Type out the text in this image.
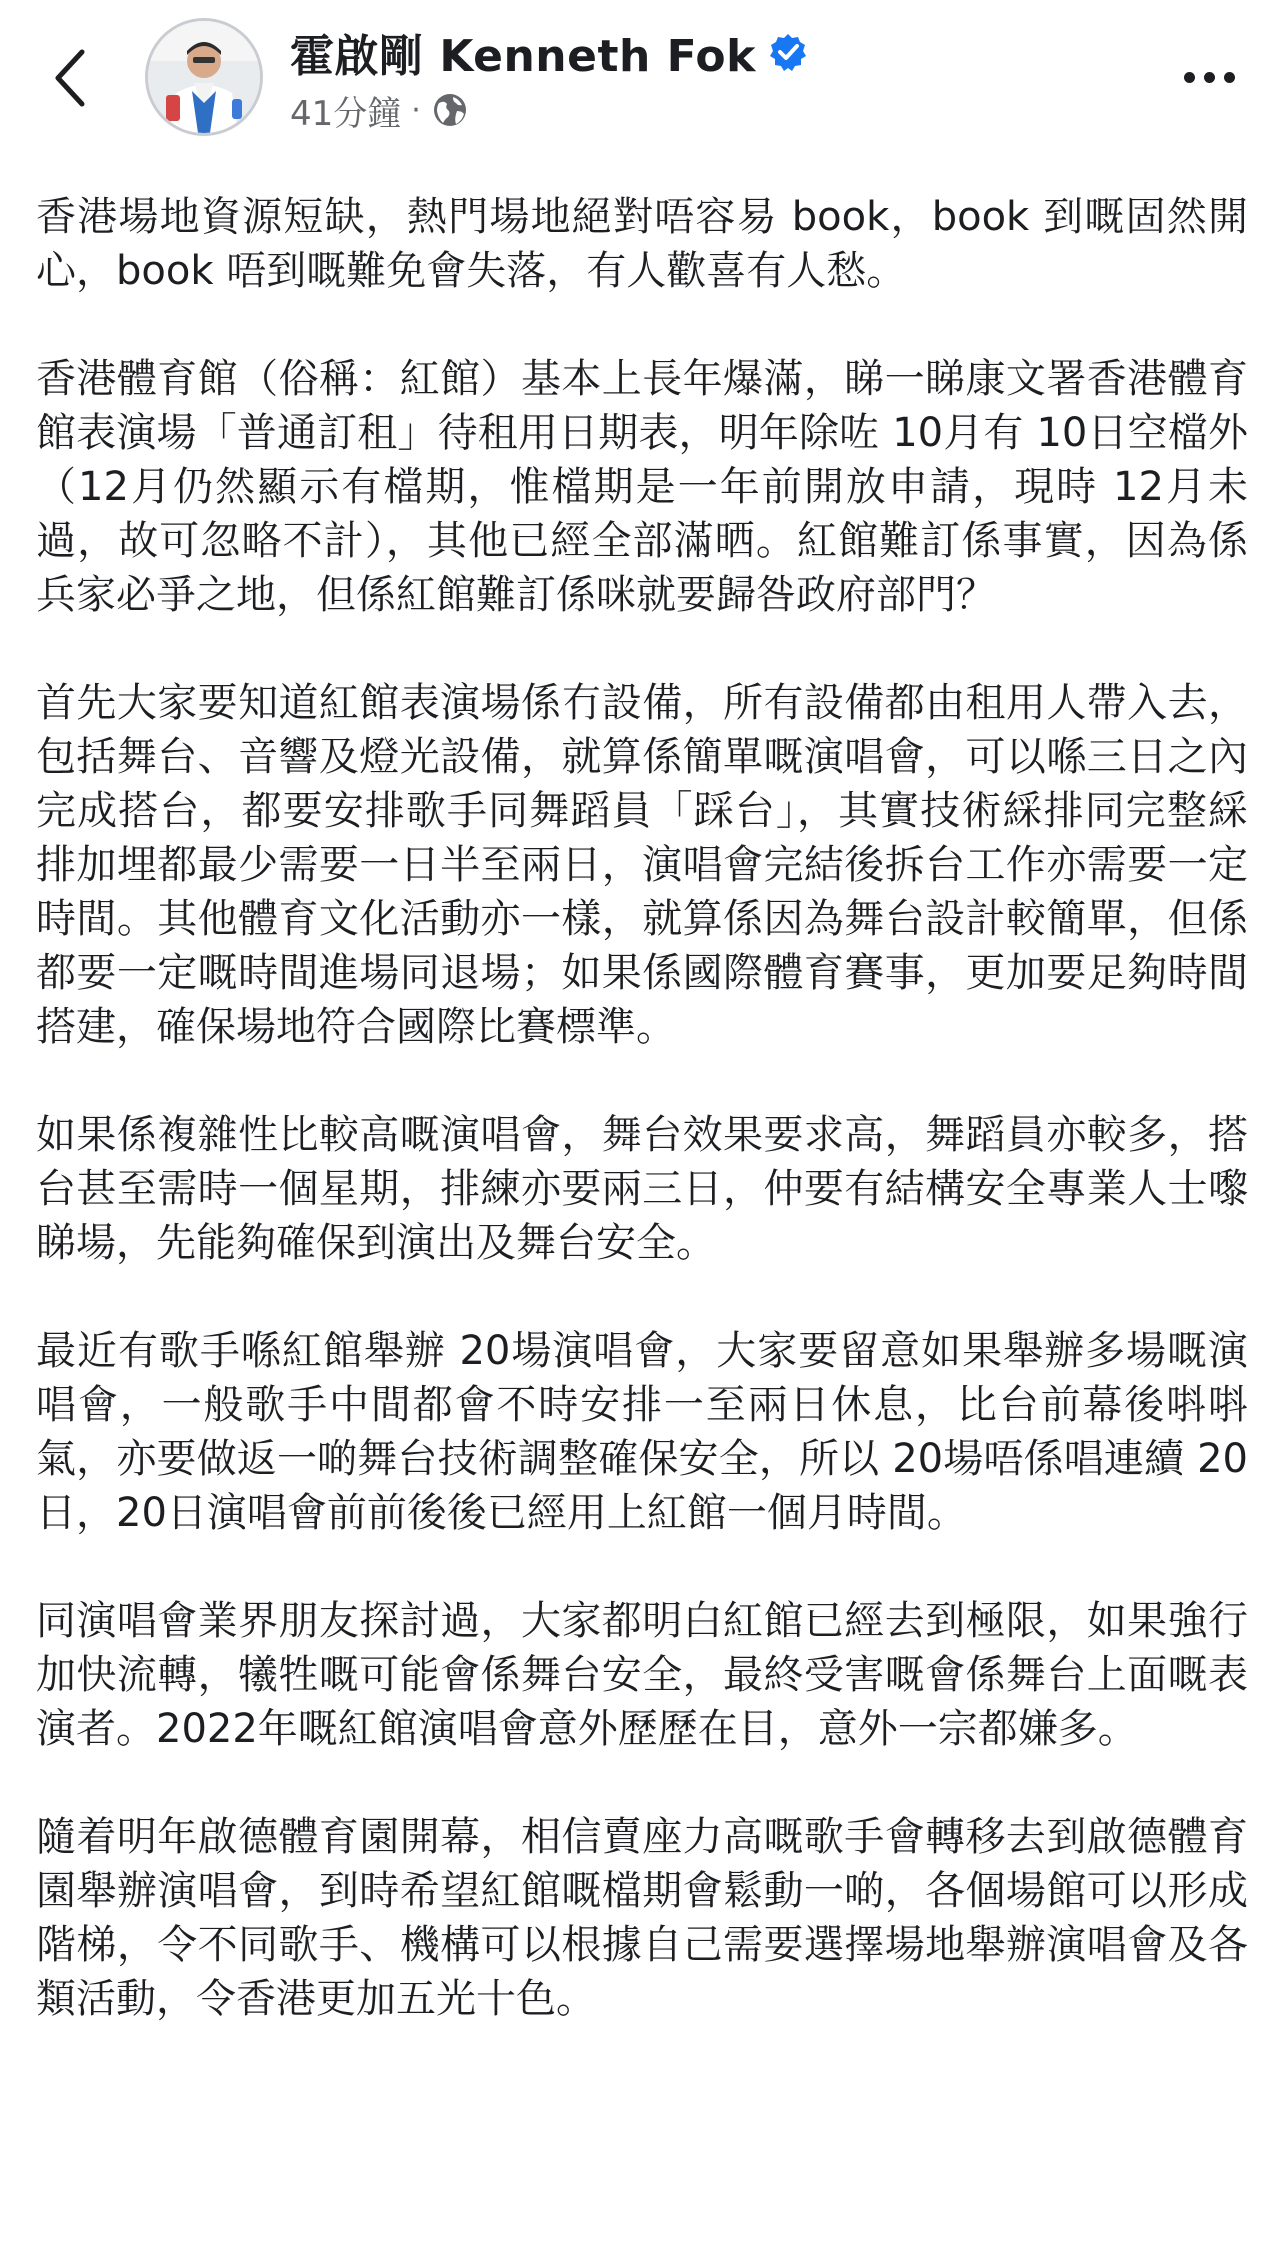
霍啟剛 Kenneth Fok
41分鐘 ·

香港場地資源短缺，熱門場地絕對唔容易 book，book 到嘅固然開心，book 唔到嘅難免會失落，有人歡喜有人愁。

香港體育館（俗稱：紅館）基本上長年爆滿，睇一睇康文署香港體育館表演場「普通訂租」待租用日期表，明年除咗 10月有 10日空檔外（12月仍然顯示有檔期，惟檔期是一年前開放申請，現時 12月未過，故可忽略不計），其他已經全部滿晒。紅館難訂係事實，因為係兵家必爭之地，但係紅館難訂係咪就要歸咎政府部門？

首先大家要知道紅館表演場係冇設備，所有設備都由租用人帶入去，包括舞台、音響及燈光設備，就算係簡單嘅演唱會，可以喺三日之內完成搭台，都要安排歌手同舞蹈員「踩台」，其實技術綵排同完整綵排加埋都最少需要一日半至兩日，演唱會完結後拆台工作亦需要一定時間。其他體育文化活動亦一樣，就算係因為舞台設計較簡單，但係都要一定嘅時間進場同退場；如果係國際體育賽事，更加要足夠時間搭建，確保場地符合國際比賽標準。

如果係複雜性比較高嘅演唱會，舞台效果要求高，舞蹈員亦較多，搭台甚至需時一個星期，排練亦要兩三日，仲要有結構安全專業人士嚟睇場，先能夠確保到演出及舞台安全。

最近有歌手喺紅館舉辦 20場演唱會，大家要留意如果舉辦多場嘅演唱會，一般歌手中間都會不時安排一至兩日休息，比台前幕後唞唞氣，亦要做返一啲舞台技術調整確保安全，所以 20場唔係唱連續 20日，20日演唱會前前後後已經用上紅館一個月時間。

同演唱會業界朋友探討過，大家都明白紅館已經去到極限，如果強行加快流轉，犧牲嘅可能會係舞台安全，最終受害嘅會係舞台上面嘅表演者。2022年嘅紅館演唱會意外歷歷在目，意外一宗都嫌多。

隨着明年啟德體育園開幕，相信賣座力高嘅歌手會轉移去到啟德體育園舉辦演唱會，到時希望紅館嘅檔期會鬆動一啲，各個場館可以形成階梯，令不同歌手、機構可以根據自己需要選擇場地舉辦演唱會及各類活動，令香港更加五光十色。
